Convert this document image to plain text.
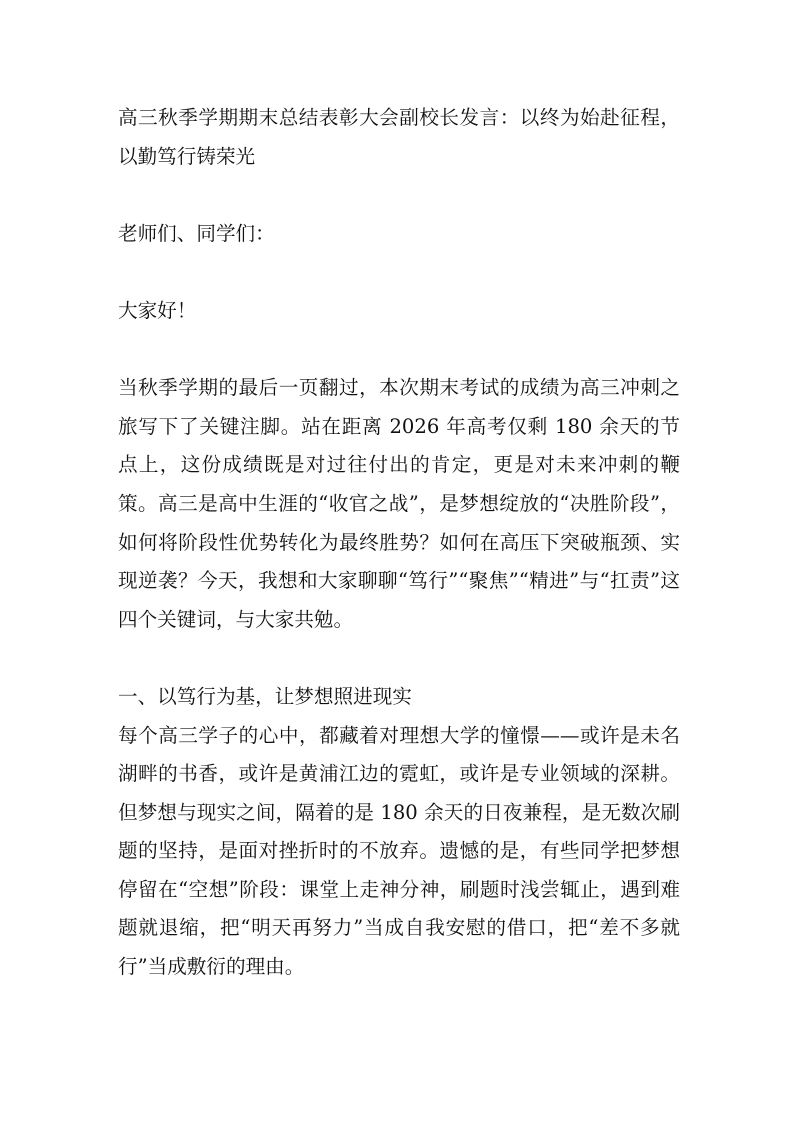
高三秋季学期期末总结表彰大会副校长发言：以终为始赴征程，以勤笃行铸荣光

老师们、同学们：

大家好！

当秋季学期的最后一页翻过，本次期末考试的成绩为高三冲刺之旅写下了关键注脚。站在距离 2026 年高考仅剩 180 余天的节点上，这份成绩既是对过往付出的肯定，更是对未来冲刺的鞭策。高三是高中生涯的“收官之战”，是梦想绽放的“决胜阶段”，如何将阶段性优势转化为最终胜势？如何在高压下突破瓶颈、实现逆袭？今天，我想和大家聊聊“笃行”“聚焦”“精进”与“扛责”这四个关键词，与大家共勉。

一、以笃行为基，让梦想照进现实

每个高三学子的心中，都藏着对理想大学的憧憬——或许是未名湖畔的书香，或许是黄浦江边的霓虹，或许是专业领域的深耕。但梦想与现实之间，隔着的是 180 余天的日夜兼程，是无数次刷题的坚持，是面对挫折时的不放弃。遗憾的是，有些同学把梦想停留在“空想”阶段：课堂上走神分神，刷题时浅尝辄止，遇到难题就退缩，把“明天再努力”当成自我安慰的借口，把“差不多就行”当成敷衍的理由。
